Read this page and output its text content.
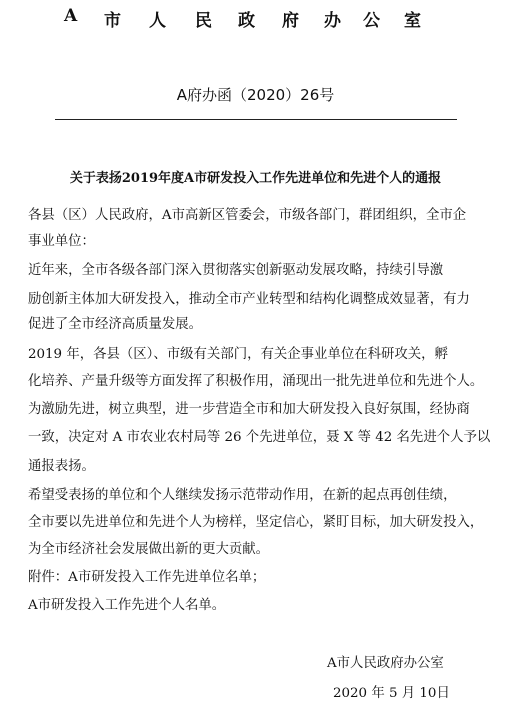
A 市 人 民 政 府 办 公 室
A府办函（2020）26号
关于表扬2019年度A市研发投入工作先进单位和先进个人的通报
各县（区）人民政府，A市高新区管委会，市级各部门，群团组织，全市企
事业单位：
近年来，全市各级各部门深入贯彻落实创新驱动发展攻略，持续引导激
励创新主体加大研发投入，推动全市产业转型和结构化调整成效显著，有力
促进了全市经济高质量发展。
2019 年，各县（区）、市级有关部门，有关企事业单位在科研攻关，孵
化培养、产量升级等方面发挥了积极作用，涌现出一批先进单位和先进个人。
为激励先进，树立典型，进一步营造全市和加大研发投入良好氛围，经协商
一致，决定对 A 市农业农村局等 26 个先进单位，聂 X 等 42 名先进个人予以
通报表扬。
希望受表扬的单位和个人继续发扬示范带动作用，在新的起点再创佳绩，
全市要以先进单位和先进个人为榜样，坚定信心，紧盯目标，加大研发投入，
为全市经济社会发展做出新的更大贡献。
附件：A市研发投入工作先进单位名单；
A市研发投入工作先进个人名单。
A市人民政府办公室
2020 年 5 月 10日
